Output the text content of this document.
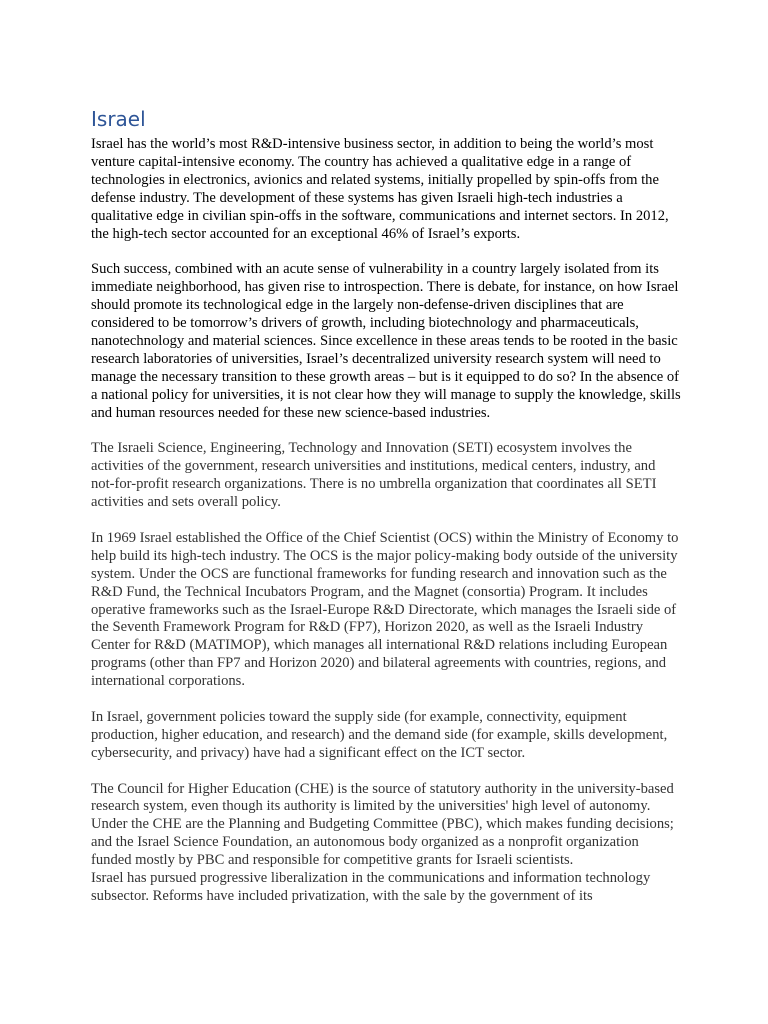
Israel

Israel has the world’s most R&D-intensive business sector, in addition to being the world’s most venture capital-intensive economy. The country has achieved a qualitative edge in a range of technologies in electronics, avionics and related systems, initially propelled by spin-offs from the defense industry. The development of these systems has given Israeli high-tech industries a qualitative edge in civilian spin-offs in the software, communications and internet sectors. In 2012, the high-tech sector accounted for an exceptional 46% of Israel’s exports.

Such success, combined with an acute sense of vulnerability in a country largely isolated from its immediate neighborhood, has given rise to introspection. There is debate, for instance, on how Israel should promote its technological edge in the largely non-defense-driven disciplines that are considered to be tomorrow’s drivers of growth, including biotechnology and pharmaceuticals, nanotechnology and material sciences. Since excellence in these areas tends to be rooted in the basic research laboratories of universities, Israel’s decentralized university research system will need to manage the necessary transition to these growth areas – but is it equipped to do so? In the absence of a national policy for universities, it is not clear how they will manage to supply the knowledge, skills and human resources needed for these new science-based industries.

The Israeli Science, Engineering, Technology and Innovation (SETI) ecosystem involves the activities of the government, research universities and institutions, medical centers, industry, and not-for-profit research organizations. There is no umbrella organization that coordinates all SETI activities and sets overall policy.

In 1969 Israel established the Office of the Chief Scientist (OCS) within the Ministry of Economy to help build its high-tech industry. The OCS is the major policy-making body outside of the university system. Under the OCS are functional frameworks for funding research and innovation such as the R&D Fund, the Technical Incubators Program, and the Magnet (consortia) Program. It includes operative frameworks such as the Israel-Europe R&D Directorate, which manages the Israeli side of the Seventh Framework Program for R&D (FP7), Horizon 2020, as well as the Israeli Industry Center for R&D (MATIMOP), which manages all international R&D relations including European programs (other than FP7 and Horizon 2020) and bilateral agreements with countries, regions, and international corporations.

In Israel, government policies toward the supply side (for example, connectivity, equipment production, higher education, and research) and the demand side (for example, skills development, cybersecurity, and privacy) have had a significant effect on the ICT sector.

The Council for Higher Education (CHE) is the source of statutory authority in the university-based research system, even though its authority is limited by the universities' high level of autonomy. Under the CHE are the Planning and Budgeting Committee (PBC), which makes funding decisions; and the Israel Science Foundation, an autonomous body organized as a nonprofit organization funded mostly by PBC and responsible for competitive grants for Israeli scientists.

Israel has pursued progressive liberalization in the communications and information technology subsector. Reforms have included privatization, with the sale by the government of its
